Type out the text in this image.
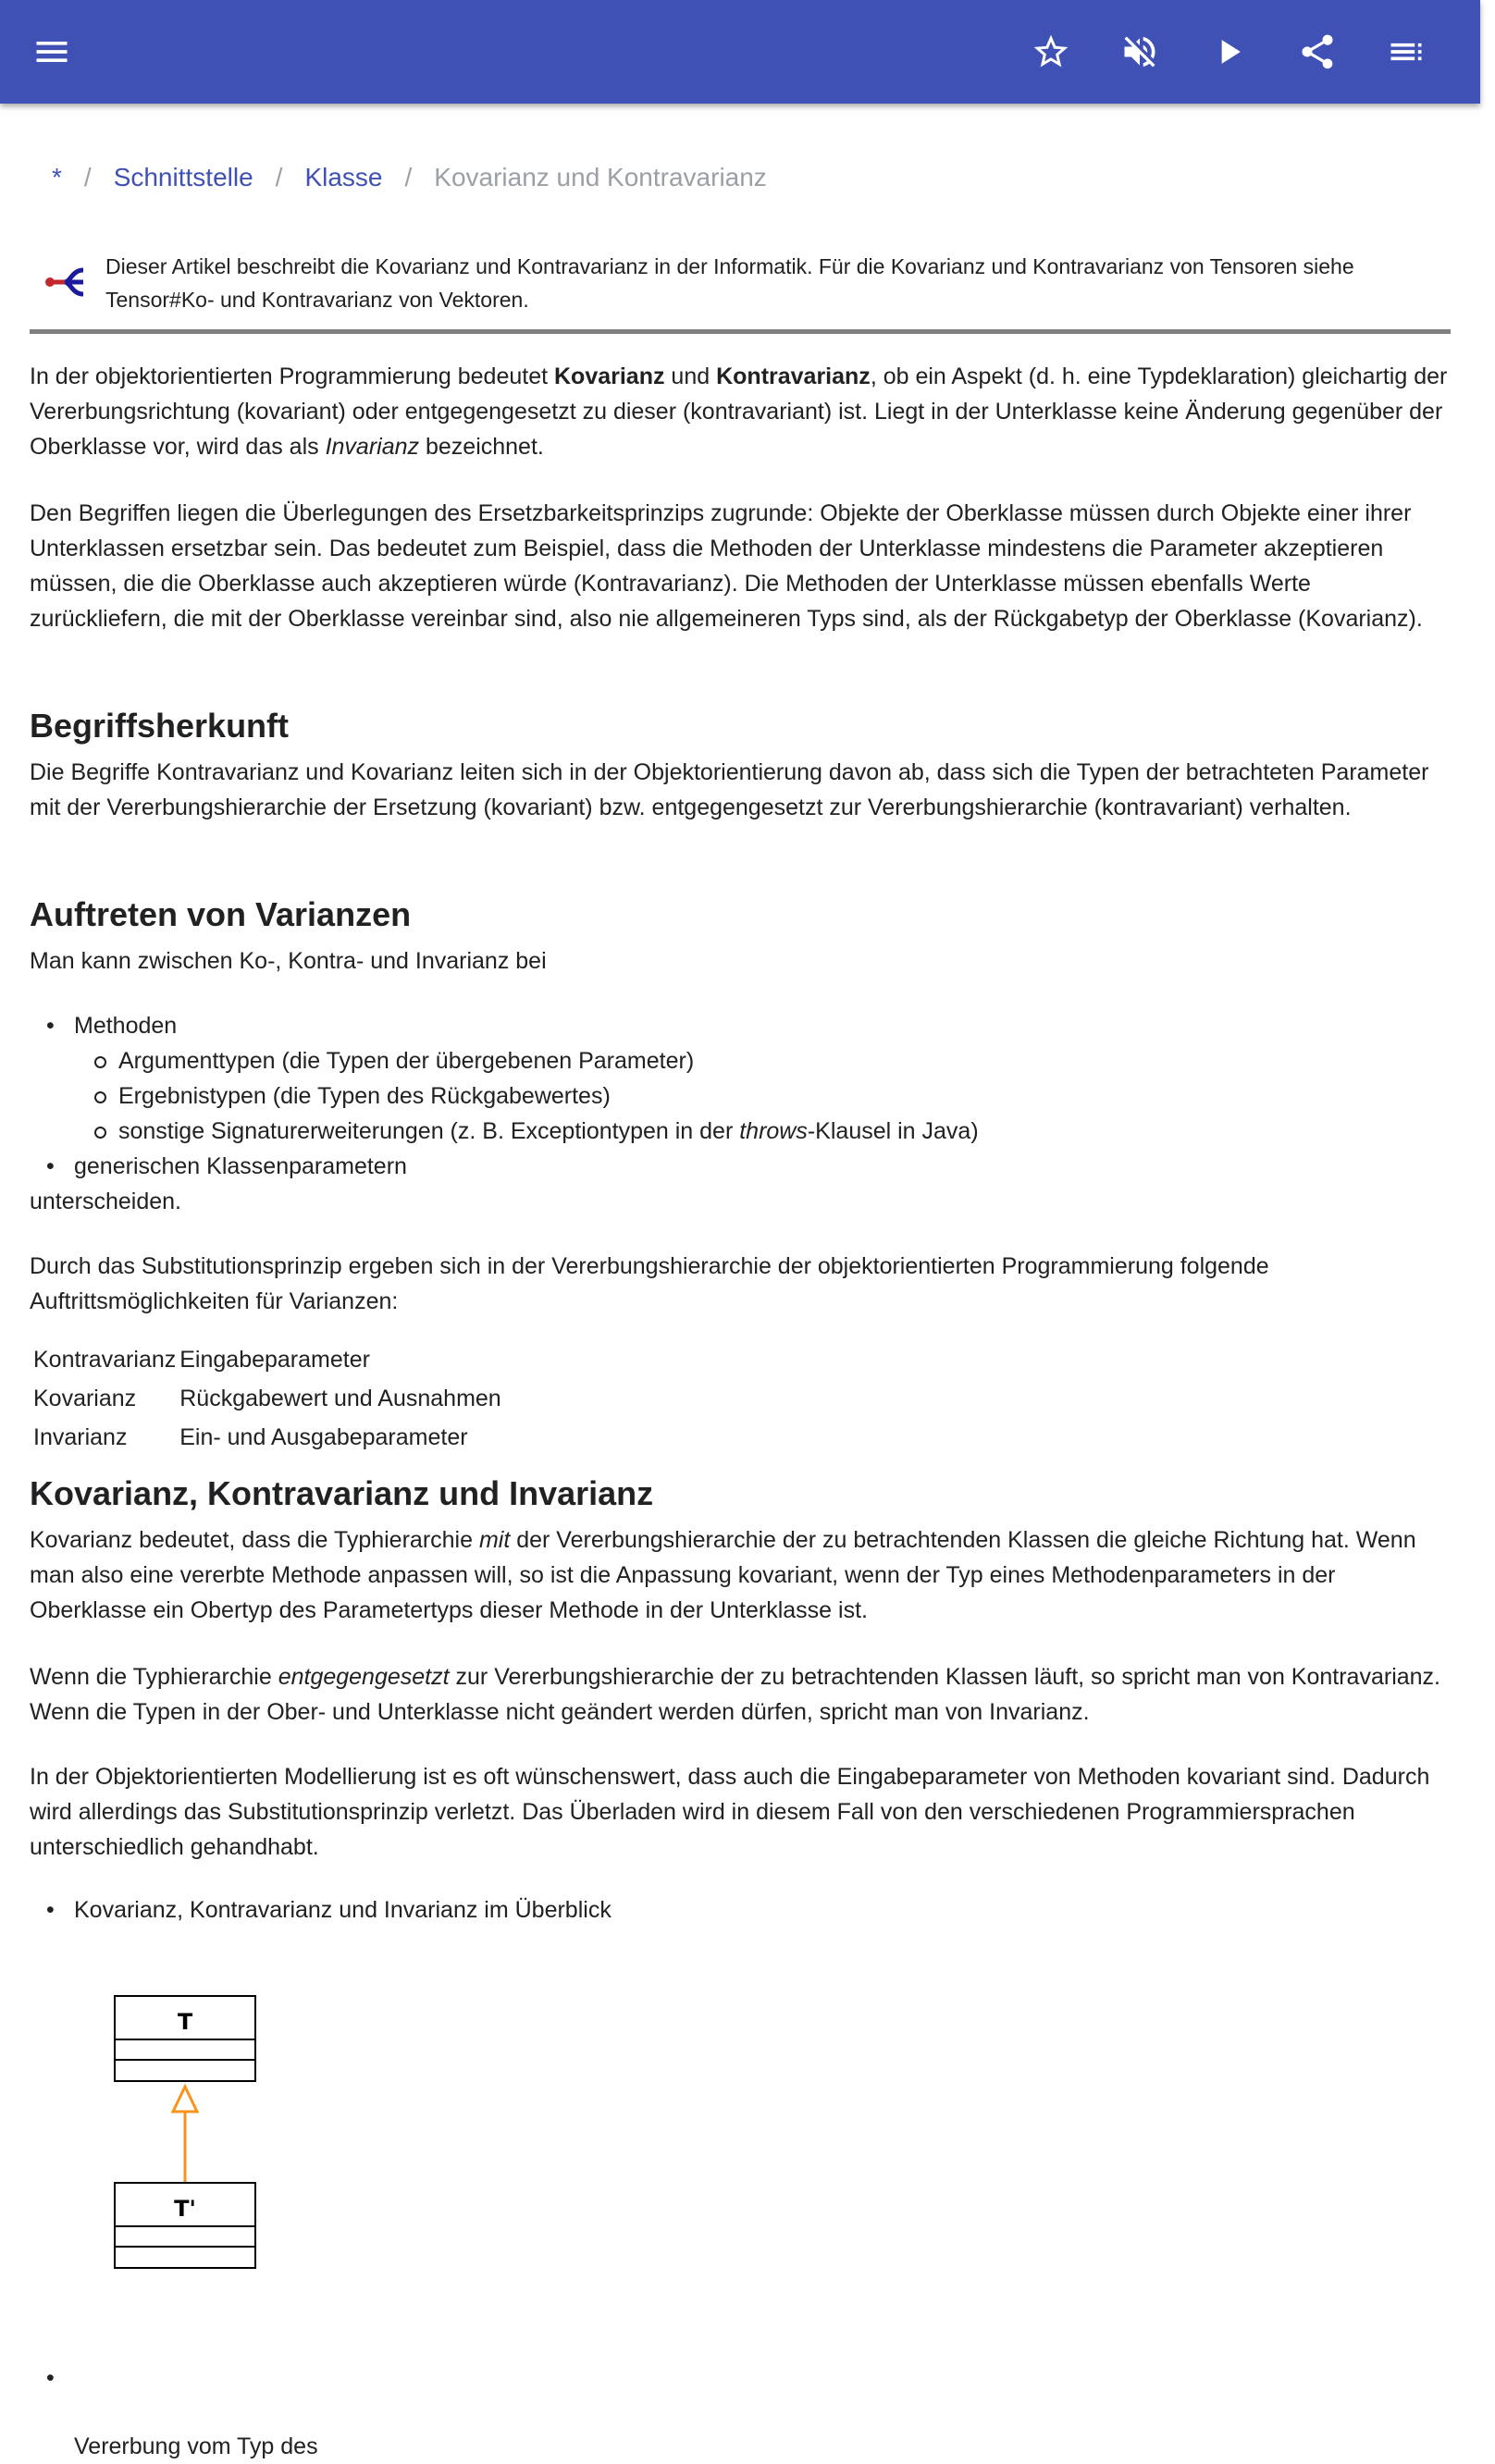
* / Schnittstelle / Klasse / Kovarianz und Kontravarianz
Dieser Artikel beschreibt die Kovarianz und Kontravarianz in der Informatik. Für die Kovarianz und Kontravarianz von Tensoren siehe Tensor#Ko- und Kontravarianz von Vektoren.
In der objektorientierten Programmierung bedeutet Kovarianz und Kontravarianz, ob ein Aspekt (d. h. eine Typdeklaration) gleichartig der Vererbungsrichtung (kovariant) oder entgegengesetzt zu dieser (kontravariant) ist. Liegt in der Unterklasse keine Änderung gegenüber der Oberklasse vor, wird das als Invarianz bezeichnet.
Den Begriffen liegen die Überlegungen des Ersetzbarkeitsprinzips zugrunde: Objekte der Oberklasse müssen durch Objekte einer ihrer Unterklassen ersetzbar sein. Das bedeutet zum Beispiel, dass die Methoden der Unterklasse mindestens die Parameter akzeptieren müssen, die die Oberklasse auch akzeptieren würde (Kontravarianz). Die Methoden der Unterklasse müssen ebenfalls Werte zurückliefern, die mit der Oberklasse vereinbar sind, also nie allgemeineren Typs sind, als der Rückgabetyp der Oberklasse (Kovarianz).
Begriffsherkunft
Die Begriffe Kontravarianz und Kovarianz leiten sich in der Objektorientierung davon ab, dass sich die Typen der betrachteten Parameter mit der Vererbungshierarchie der Ersetzung (kovariant) bzw. entgegengesetzt zur Vererbungshierarchie (kontravariant) verhalten.
Auftreten von Varianzen
Man kann zwischen Ko-, Kontra- und Invarianz bei
• Methoden
Argumenttypen (die Typen der übergebenen Parameter)
Ergebnistypen (die Typen des Rückgabewertes)
sonstige Signaturerweiterungen (z. B. Exceptiontypen in der throws-Klausel in Java)
• generischen Klassenparametern
unterscheiden.
Durch das Substitutionsprinzip ergeben sich in der Vererbungshierarchie der objektorientierten Programmierung folgende Auftrittsmöglichkeiten für Varianzen:
Kontravarianz	Eingabeparameter
Kovarianz	Rückgabewert und Ausnahmen
Invarianz	Ein- und Ausgabeparameter
Kovarianz, Kontravarianz und Invarianz
Kovarianz bedeutet, dass die Typhierarchie mit der Vererbungshierarchie der zu betrachtenden Klassen die gleiche Richtung hat. Wenn man also eine vererbte Methode anpassen will, so ist die Anpassung kovariant, wenn der Typ eines Methodenparameters in der Oberklasse ein Obertyp des Parametertyps dieser Methode in der Unterklasse ist.
Wenn die Typhierarchie entgegengesetzt zur Vererbungshierarchie der zu betrachtenden Klassen läuft, so spricht man von Kontravarianz. Wenn die Typen in der Ober- und Unterklasse nicht geändert werden dürfen, spricht man von Invarianz.
In der Objektorientierten Modellierung ist es oft wünschenswert, dass auch die Eingabeparameter von Methoden kovariant sind. Dadurch wird allerdings das Substitutionsprinzip verletzt. Das Überladen wird in diesem Fall von den verschiedenen Programmiersprachen unterschiedlich gehandhabt.
• Kovarianz, Kontravarianz und Invarianz im Überblick
T
T'
Vererbung vom Typ des
